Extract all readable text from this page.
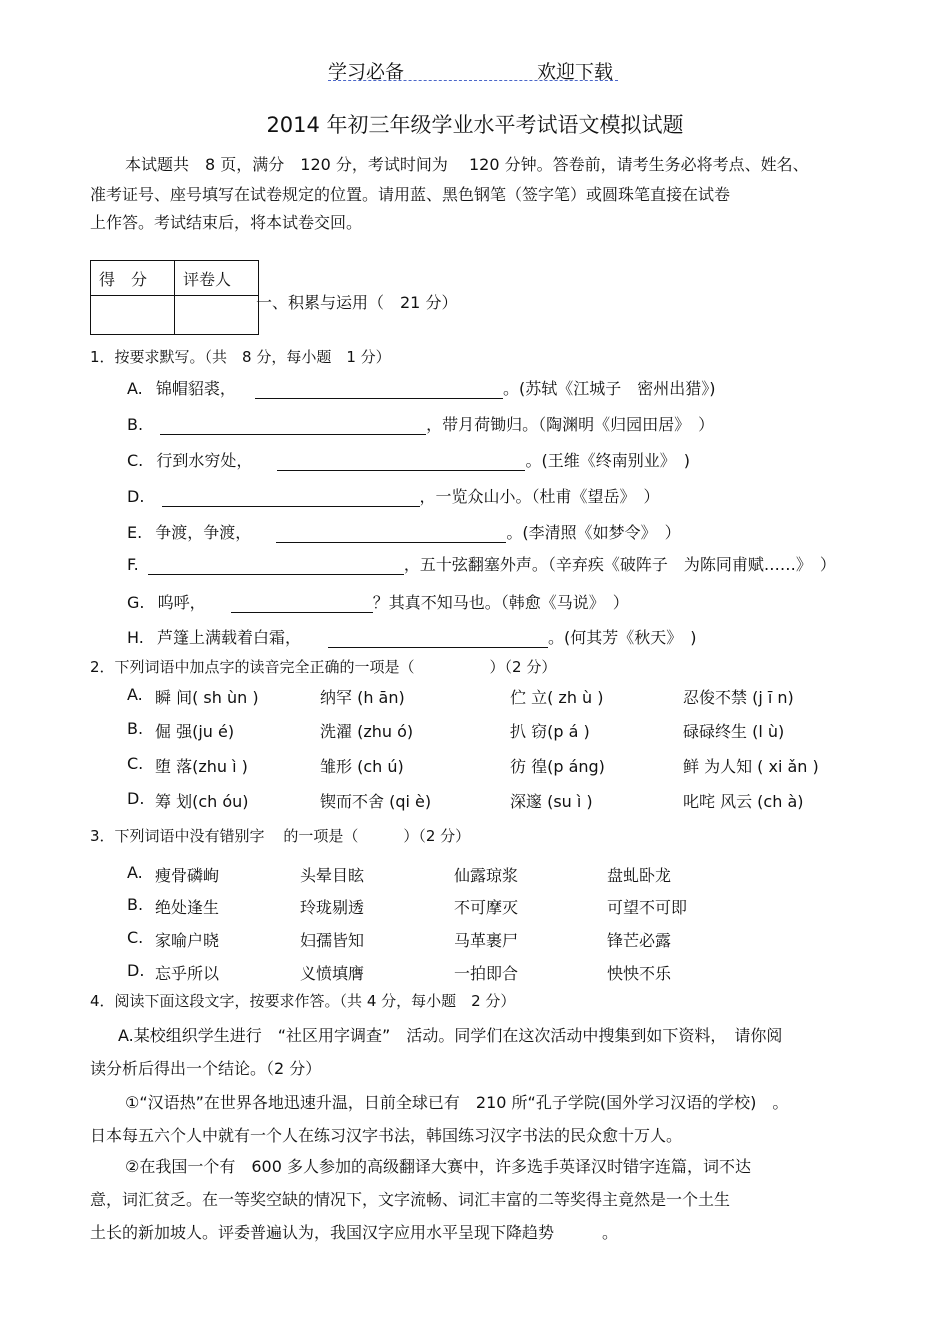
学习必备	欢迎下载
2014 年初三年级学业水平考试语文模拟试题
本试题共　8 页，满分　120 分，考试时间为　 120 分钟。答卷前，请考生务必将考点、姓名、
准考证号、座号填写在试卷规定的位置。请用蓝、黑色钢笔（签字笔）或圆珠笔直接在试卷
上作答。考试结束后，将本试卷交回。
得　分	评卷人

一、积累与运用（　21 分）
1．按要求默写。（共　8 分，每小题　1 分）
A. 锦帽貂裘，	。(苏轼《江城子　密州出猎》)
B.	，带月荷锄归。（陶渊明《归园田居》　）
C. 行到水穷处，	。(王维《终南别业》　)
D.	，一览众山小。（杜甫《望岳》　）
E. 争渡，争渡，	。(李清照《如梦令》　）
F.	，五十弦翻塞外声。（辛弃疾《破阵子　为陈同甫赋……》　）
G. 呜呼，	？其真不知马也。（韩愈《马说》　）
H. 芦篷上满载着白霜，	。(何其芳《秋天》　)
2．下列词语中加点字的读音完全正确的一项是（　　　　　）（2 分）
A. 瞬 间( sh ùn )	纳罕 (h ān)	伫 立( zh ù )	忍俊不禁 (j ī n)
B. 倔 强(ju é)	洗濯 (zhu ó)	扒 窃(p á )	碌碌终生 (l ù)
C. 堕 落(zhu ì )	雏形 (ch ú)	彷 徨(p áng)	鲜 为人知 ( xi ǎn )
D. 筹 划(ch óu)	锲而不舍 (qi è)	深邃 (su ì )	叱咤 风云 (ch à)
3．下列词语中没有错别字 的一项是（　　　）（2 分）
A. 瘦骨磷峋	头晕目眩	仙露琼浆	盘虬卧龙
B. 绝处逢生	玲珑剔透	不可摩灭	可望不可即
C. 家喻户晓	妇孺皆知	马革裹尸	锋芒必露
D. 忘乎所以	义愤填膺	一拍即合	怏怏不乐
4．阅读下面这段文字，按要求作答。（共 4 分，每小题　2 分）
A.某校组织学生进行　“社区用字调查”　活动。同学们在这次活动中搜集到如下资料，　请你阅
读分析后得出一个结论。（2 分）
①“汉语热”在世界各地迅速升温，日前全球已有　210 所“孔子学院(国外学习汉语的学校)　。
日本每五六个人中就有一个人在练习汉字书法，韩国练习汉字书法的民众愈十万人。
②在我国一个有　600 多人参加的高级翻译大赛中，许多选手英译汉时错字连篇，词不达
意，词汇贫乏。在一等奖空缺的情况下，文字流畅、词汇丰富的二等奖得主竟然是一个土生
土长的新加坡人。评委普遍认为，我国汉字应用水平呈现下降趋势　　　。
